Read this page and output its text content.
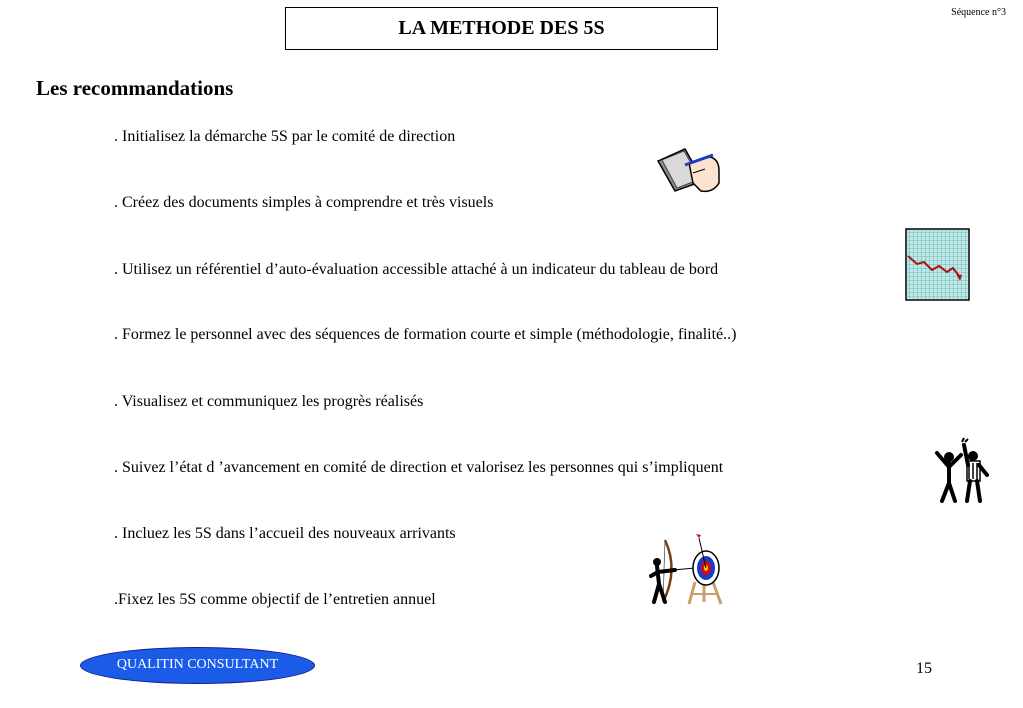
Séquence n°3
LA METHODE DES 5S
Les recommandations
. Initialisez la démarche 5S par le comité de direction
. Créez des documents simples à comprendre et très visuels
. Utilisez un référentiel d’auto-évaluation accessible attaché à un indicateur du tableau de bord
. Formez le personnel avec des séquences de formation courte et simple (méthodologie, finalité..)
. Visualisez et communiquez les progrès réalisés
. Suivez l’état d ’avancement en comité de direction et valorisez les personnes qui s’impliquent
. Incluez les 5S dans l’accueil des nouveaux arrivants
.Fixez les 5S comme objectif de l’entretien annuel
QUALITIN CONSULTANT	15
